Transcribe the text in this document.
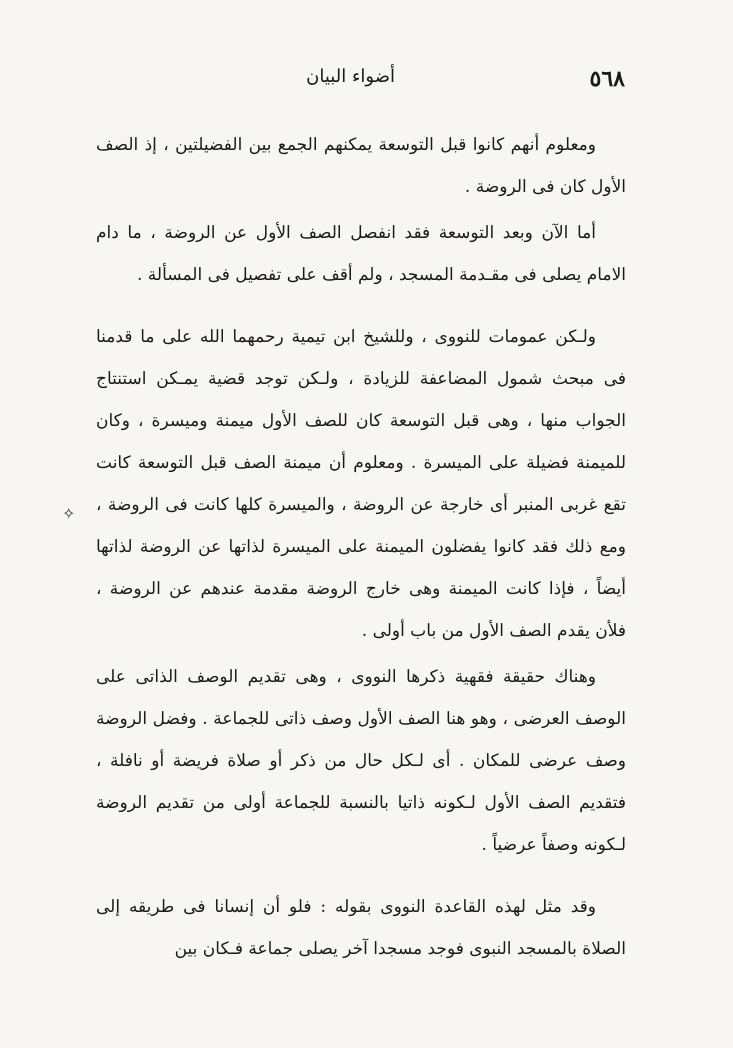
٥٦٨
أضواء البيان
✧

ومعلوم أنهم كانوا قبل التوسعة يمكنهم الجمع بين الفضيلتين ، إذ الصف الأول كان فى الروضة .

أما الآن وبعد التوسعة فقد انفصل الصف الأول عن الروضة ، ما دام الامام يصلى فى مقـدمة المسجد ، ولم أقف على تفصيل فى المسألة .

ولـكن عمومات للنووى ، وللشيخ ابن تيمية رحمهما الله على ما قدمنا فى مبحث شمول المضاعفة للزيادة ، ولـكن توجد قضية يمـكن استنتاج الجواب منها ، وهى قبل التوسعة كان للصف الأول ميمنة وميسرة ، وكان للميمنة فضيلة على الميسرة . ومعلوم أن ميمنة الصف قبل التوسعة كانت تقع غربى المنبر أى خارجة عن الروضة ، والميسرة كلها كانت فى الروضة ، ومع ذلك فقد كانوا يفضلون الميمنة على الميسرة لذاتها عن الروضة لذاتها أيضاً ، فإذا كانت الميمنة وهى خارج الروضة مقدمة عندهم عن الروضة ، فلأن يقدم الصف الأول من باب أولى .

وهناك حقيقة فقهية ذكرها النووى ، وهى تقديم الوصف الذاتى على الوصف العرضى ، وهو هنا الصف الأول وصف ذاتى للجماعة . وفضل الروضة وصف عرضى للمكان . أى لـكل حال من ذكر أو صلاة فريضة أو نافلة ، فتقديم الصف الأول لـكونه ذاتيا بالنسبة للجماعة أولى من تقديم الروضة لـكونه وصفاً عرضياً .

وقد مثل لهذه القاعدة النووى بقوله : فلو أن إنسانا فى طريقه إلى الصلاة بالمسجد النبوى فوجد مسجدا آخر يصلى جماعة فـكان بين
